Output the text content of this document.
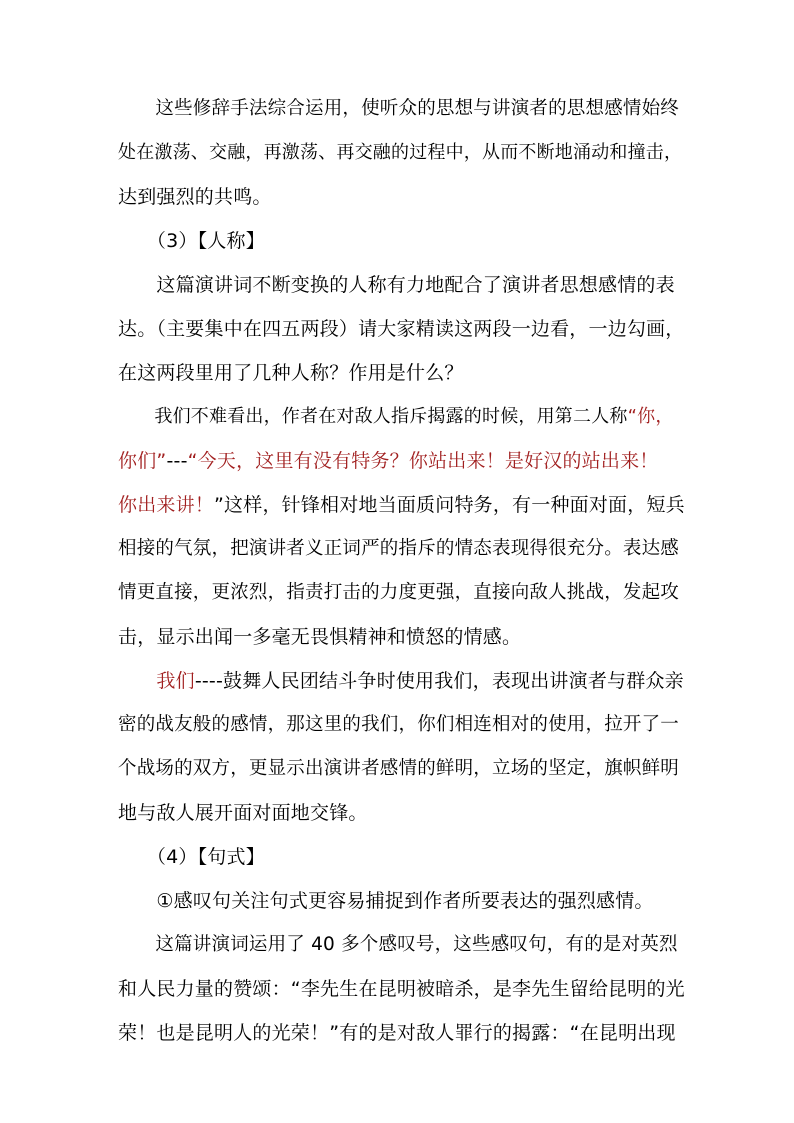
　　这些修辞手法综合运用，使听众的思想与讲演者的思想感情始终

处在激荡、交融，再激荡、再交融的过程中，从而不断地涌动和撞击，

达到强烈的共鸣。

　　（3）【人称】

　　这篇演讲词不断变换的人称有力地配合了演讲者思想感情的表

达。（主要集中在四五两段）请大家精读这两段一边看，一边勾画，

在这两段里用了几种人称？作用是什么？

　　我们不难看出，作者在对敌人指斥揭露的时候，用第二人称“你，

你们”---“今天，这里有没有特务？你站出来！是好汉的站出来！

你出来讲！”这样，针锋相对地当面质问特务，有一种面对面，短兵

相接的气氛，把演讲者义正词严的指斥的情态表现得很充分。表达感

情更直接，更浓烈，指责打击的力度更强，直接向敌人挑战，发起攻

击，显示出闻一多毫无畏惧精神和愤怒的情感。

　　我们----鼓舞人民团结斗争时使用我们，表现出讲演者与群众亲

密的战友般的感情，那这里的我们，你们相连相对的使用，拉开了一

个战场的双方，更显示出演讲者感情的鲜明，立场的坚定，旗帜鲜明

地与敌人展开面对面地交锋。

　　（4）【句式】

　　①感叹句关注句式更容易捕捉到作者所要表达的强烈感情。

　　这篇讲演词运用了 40 多个感叹号，这些感叹句，有的是对英烈

和人民力量的赞颂：“李先生在昆明被暗杀，是李先生留给昆明的光

荣！也是昆明人的光荣！”有的是对敌人罪行的揭露：“在昆明出现
